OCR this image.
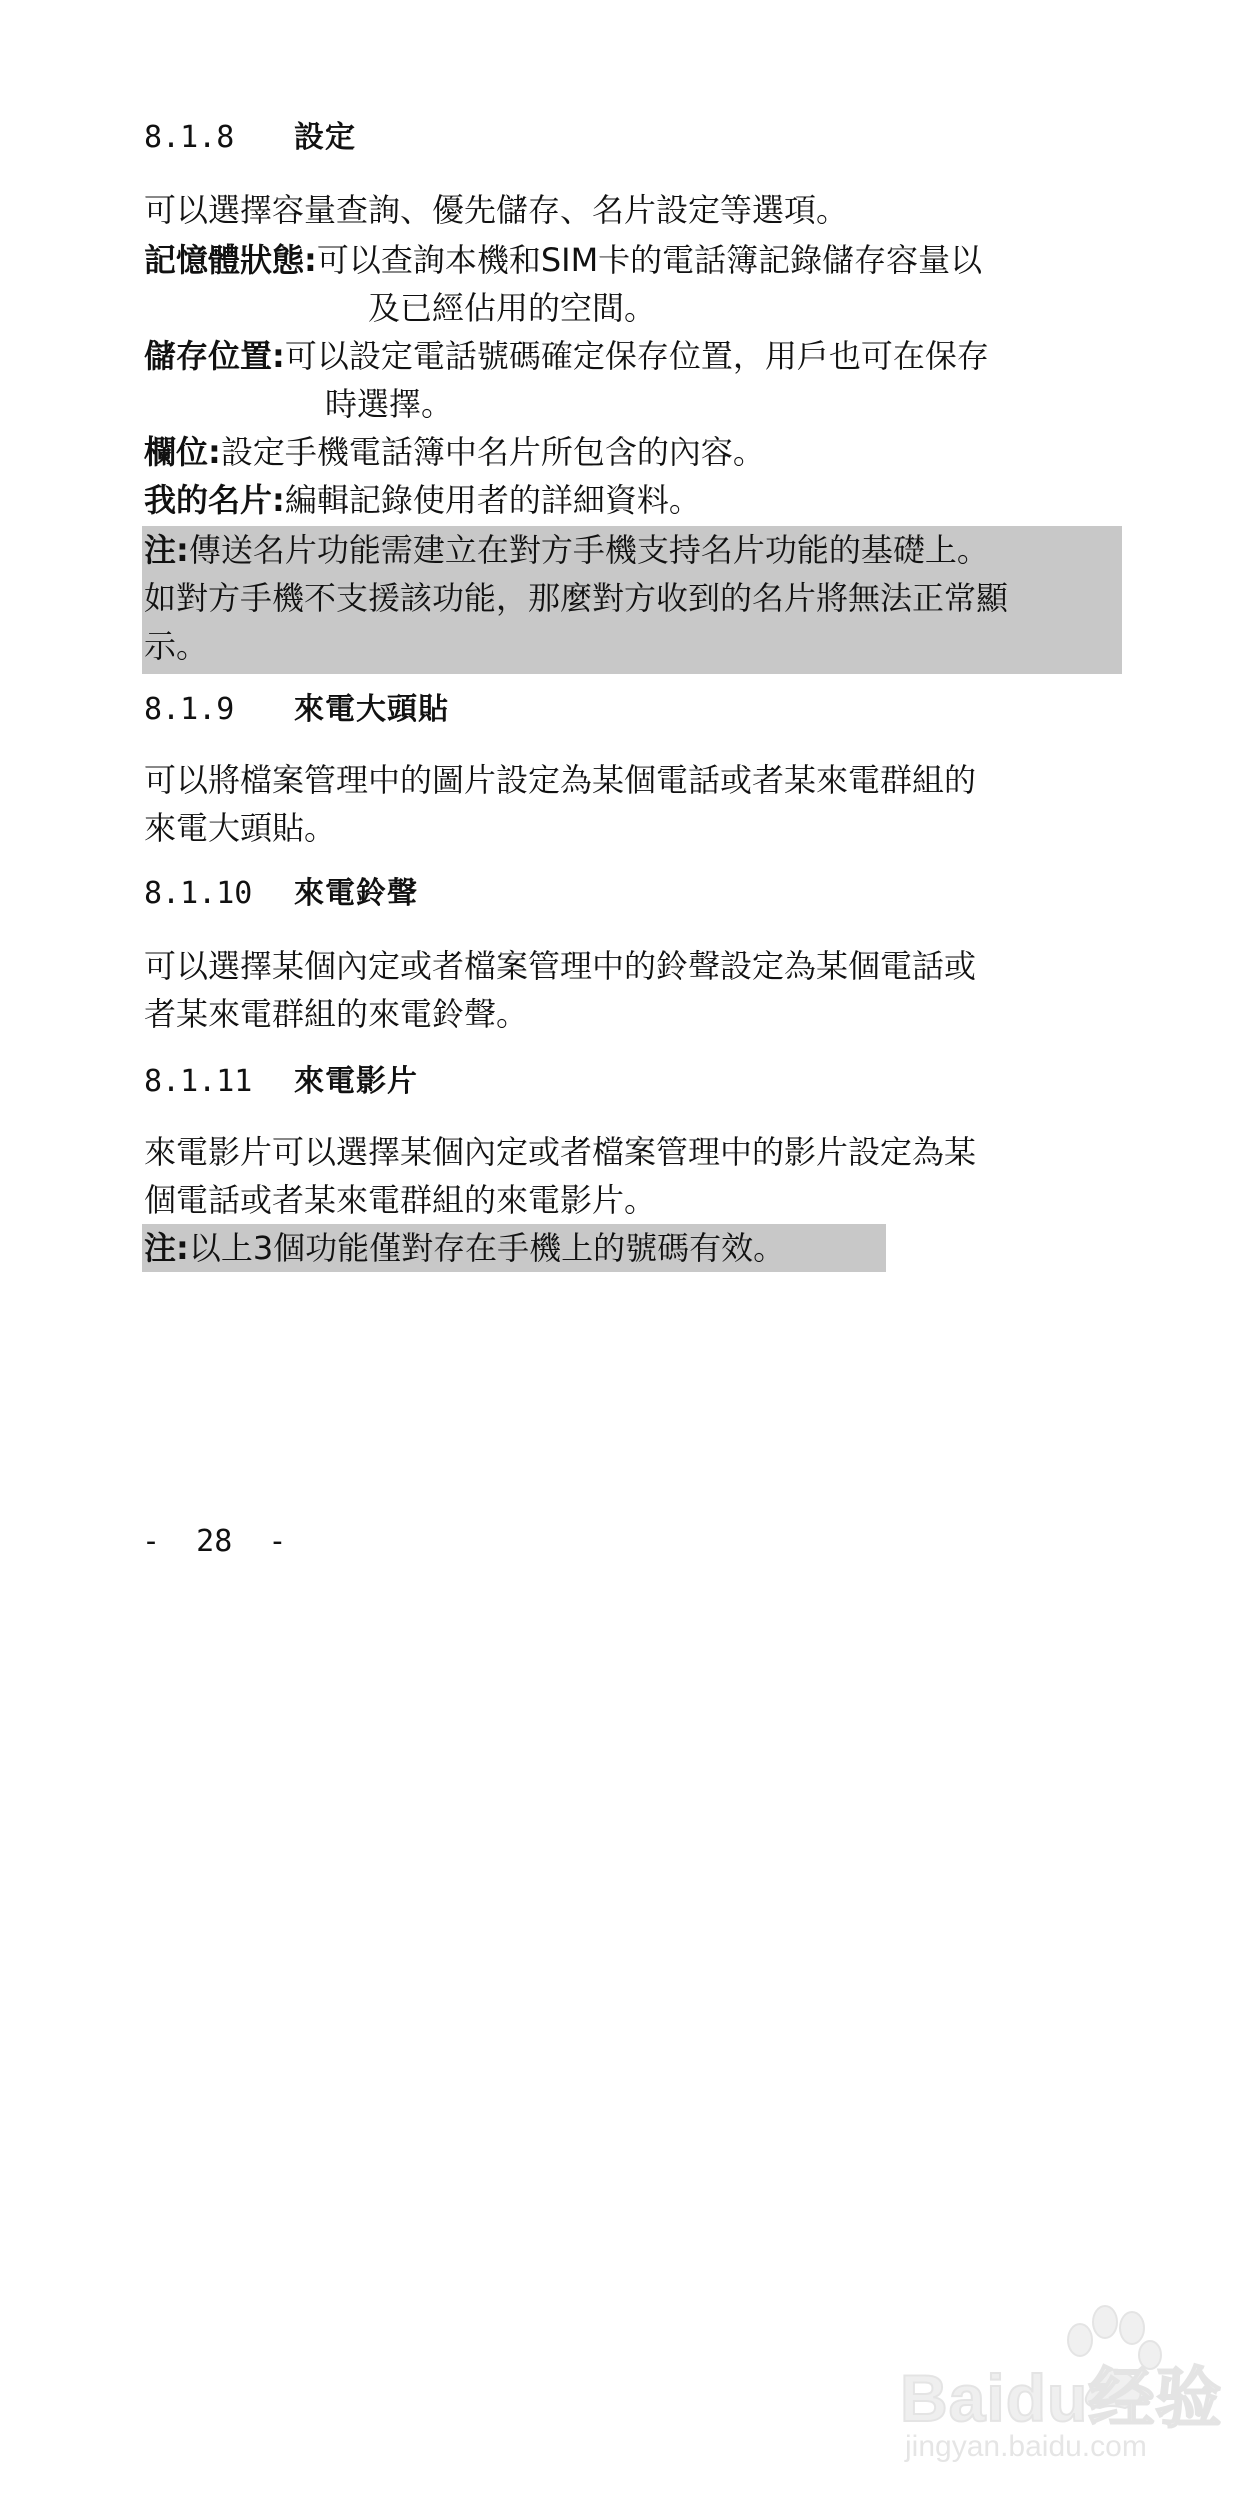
8.1.8 設定
可以選擇容量查詢、優先儲存、名片設定等選項。
記憶體狀態:可以查詢本機和SIM卡的電話簿記錄儲存容量以
及已經佔用的空間。
儲存位置:可以設定電話號碼確定保存位置，用戶也可在保存
時選擇。
欄位:設定手機電話簿中名片所包含的內容。
我的名片:編輯記錄使用者的詳細資料。
注:傳送名片功能需建立在對方手機支持名片功能的基礎上。
如對方手機不支援該功能，那麼對方收到的名片將無法正常顯
示。
8.1.9 來電大頭貼
可以將檔案管理中的圖片設定為某個電話或者某來電群組的
來電大頭貼。
8.1.10 來電鈴聲
可以選擇某個內定或者檔案管理中的鈴聲設定為某個電話或
者某來電群組的來電鈴聲。
8.1.11 來電影片
來電影片可以選擇某個內定或者檔案管理中的影片設定為某
個電話或者某來電群組的來電影片。
注:以上3個功能僅對存在手機上的號碼有效。
-  28  -
Baidu经验
jingyan.baidu.com
